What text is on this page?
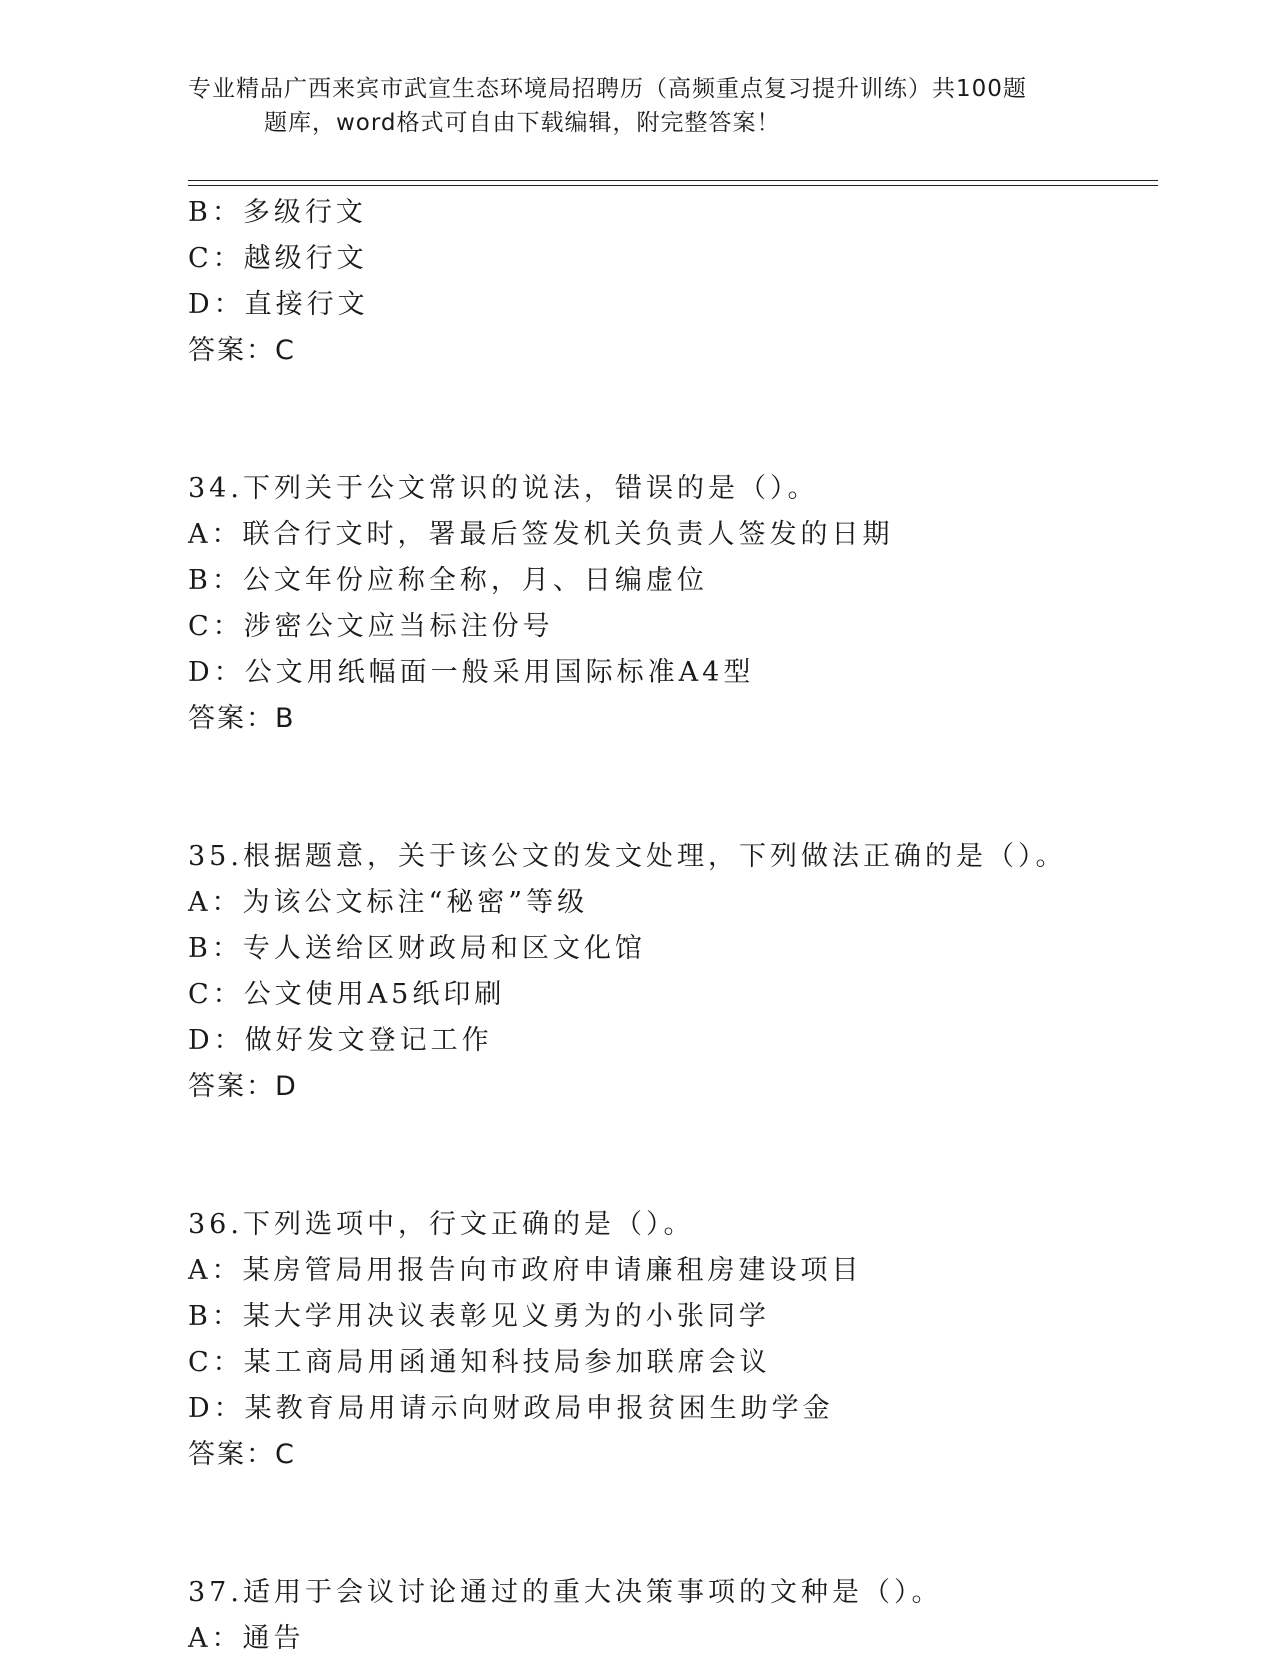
专业精品广西来宾市武宣生态环境局招聘历（高频重点复习提升训练）共100题
题库，word格式可自由下载编辑，附完整答案！
B：多级行文
C：越级行文
D：直接行文
答案：C
34.下列关于公文常识的说法，错误的是（）。
A：联合行文时，署最后签发机关负责人签发的日期
B：公文年份应称全称，月、日编虚位
C：涉密公文应当标注份号
D：公文用纸幅面一般采用国际标准A4型
答案：B
35.根据题意，关于该公文的发文处理，下列做法正确的是（）。
A：为该公文标注“秘密”等级
B：专人送给区财政局和区文化馆
C：公文使用A5纸印刷
D：做好发文登记工作
答案：D
36.下列选项中，行文正确的是（）。
A：某房管局用报告向市政府申请廉租房建设项目
B：某大学用决议表彰见义勇为的小张同学
C：某工商局用函通知科技局参加联席会议
D：某教育局用请示向财政局申报贫困生助学金
答案：C
37.适用于会议讨论通过的重大决策事项的文种是（）。
A：通告
